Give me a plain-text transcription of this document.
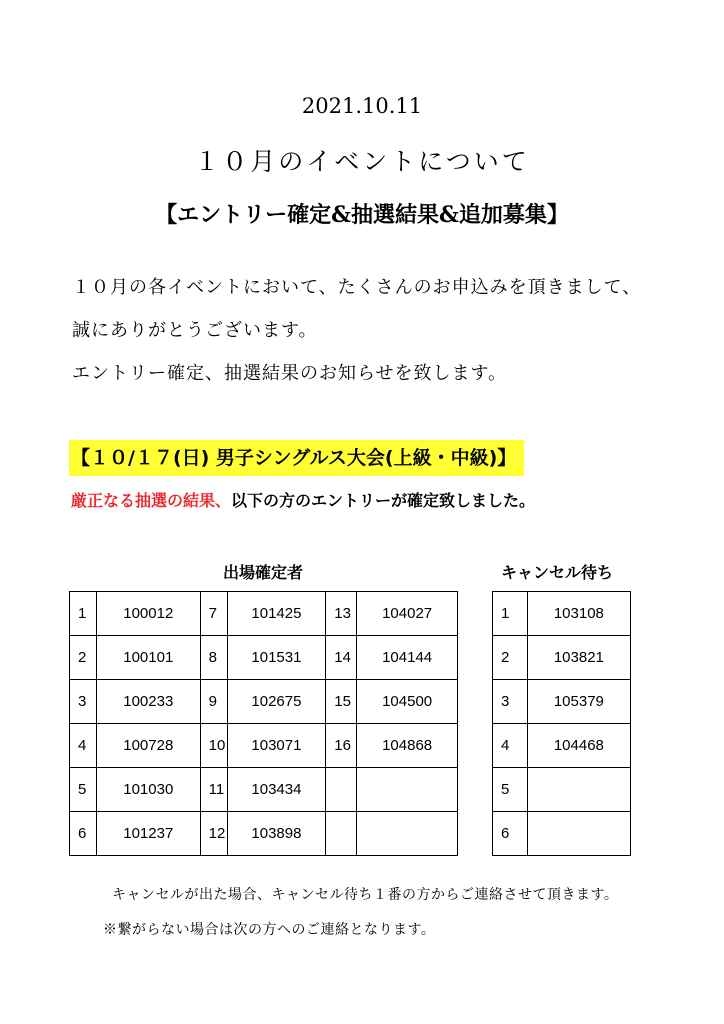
2021.10.11
１０月のイベントについて
【エントリー確定&抽選結果&追加募集】
１０月の各イベントにおいて、たくさんのお申込みを頂きまして、
誠にありがとうございます。
エントリー確定、抽選結果のお知らせを致します。
【１０/１７(日) 男子シングルス大会(上級・中級)】
厳正なる抽選の結果、以下の方のエントリーが確定致しました。
出場確定者	キャンセル待ち
1	100012	7	101425	13	104027
2	100101	8	101531	14	104144
3	100233	9	102675	15	104500
4	100728	10	103071	16	104868
5	101030	11	103434		
6	101237	12	103898		
1	103108
2	103821
3	105379
4	104468
5	
6	
キャンセルが出た場合、キャンセル待ち１番の方からご連絡させて頂きます。
※繋がらない場合は次の方へのご連絡となります。
